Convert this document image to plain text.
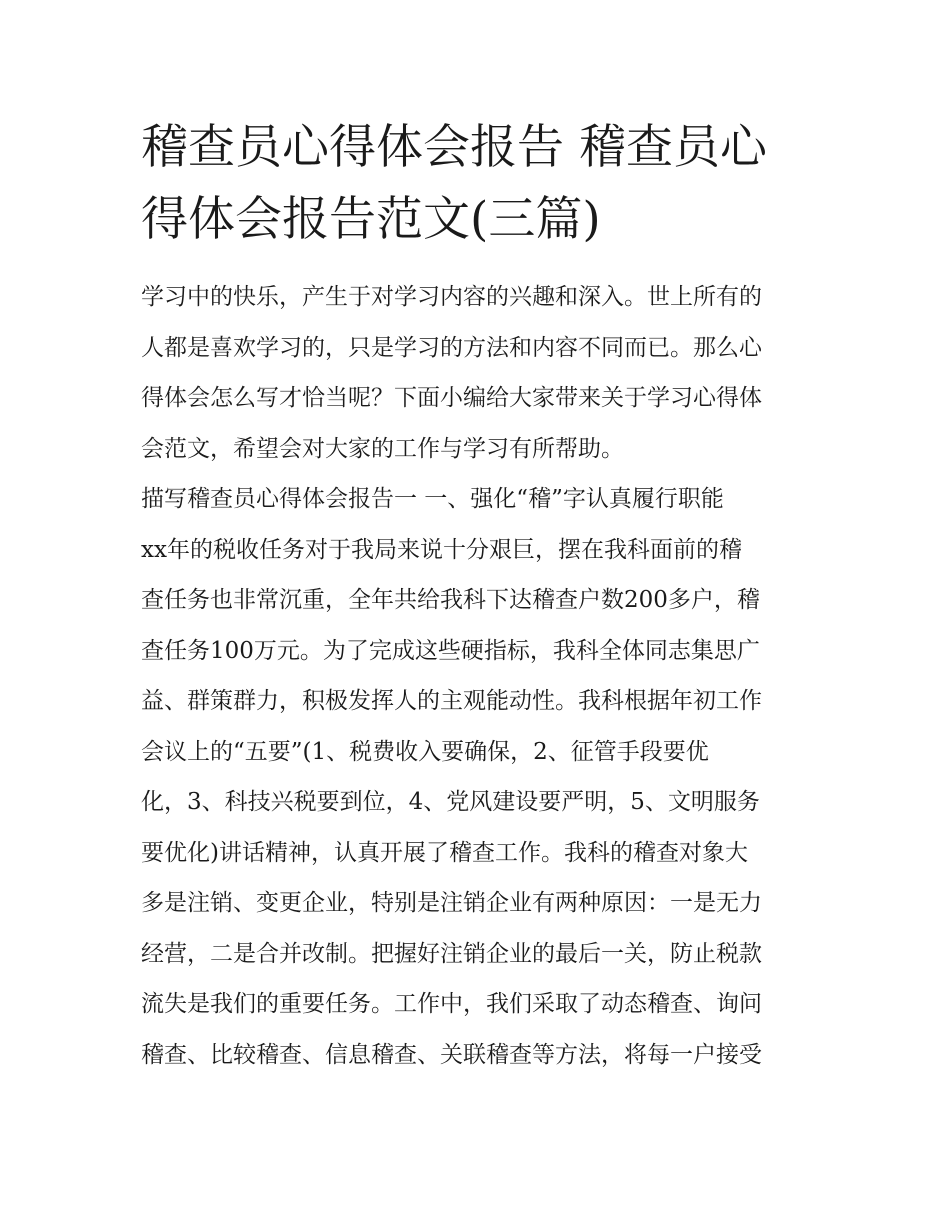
稽查员心得体会报告 稽查员心
得体会报告范文(三篇)

学习中的快乐，产生于对学习内容的兴趣和深入。世上所有的
人都是喜欢学习的，只是学习的方法和内容不同而已。那么心
得体会怎么写才恰当呢？下面小编给大家带来关于学习心得体
会范文，希望会对大家的工作与学习有所帮助。

描写稽查员心得体会报告一 一、强化“稽”字认真履行职能
xx年的税收任务对于我局来说十分艰巨，摆在我科面前的稽
查任务也非常沉重，全年共给我科下达稽查户数200多户，稽
查任务100万元。为了完成这些硬指标，我科全体同志集思广
益、群策群力，积极发挥人的主观能动性。我科根据年初工作
会议上的“五要”(1、税费收入要确保，2、征管手段要优
化，3、科技兴税要到位，4、党风建设要严明，5、文明服务
要优化)讲话精神，认真开展了稽查工作。我科的稽查对象大
多是注销、变更企业，特别是注销企业有两种原因：一是无力
经营，二是合并改制。把握好注销企业的最后一关，防止税款
流失是我们的重要任务。工作中，我们采取了动态稽查、询问
稽查、比较稽查、信息稽查、关联稽查等方法，将每一户接受
